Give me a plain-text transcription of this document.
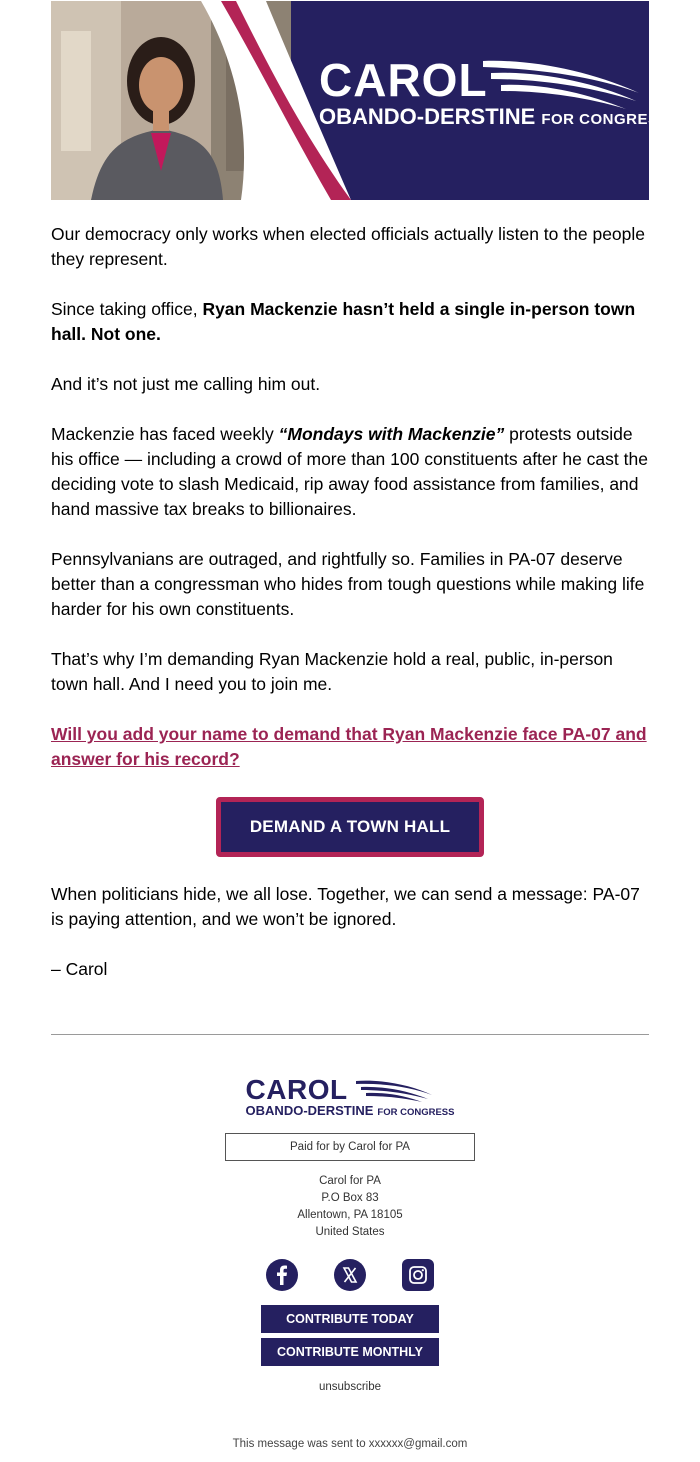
CAROL
OBANDO-DERSTINE FOR CONGRESS

Our democracy only works when elected officials actually listen to the people they represent.

Since taking office, Ryan Mackenzie hasn’t held a single in-person town hall. Not one.

And it’s not just me calling him out.

Mackenzie has faced weekly “Mondays with Mackenzie” protests outside his office — including a crowd of more than 100 constituents after he cast the deciding vote to slash Medicaid, rip away food assistance from families, and hand massive tax breaks to billionaires.

Pennsylvanians are outraged, and rightfully so. Families in PA-07 deserve better than a congressman who hides from tough questions while making life harder for his own constituents.

That’s why I’m demanding Ryan Mackenzie hold a real, public, in-person town hall. And I need you to join me.

Will you add your name to demand that Ryan Mackenzie face PA-07 and answer for his record?

DEMAND A TOWN HALL

When politicians hide, we all lose. Together, we can send a message: PA-07 is paying attention, and we won’t be ignored.

– Carol

CAROL
OBANDO-DERSTINE FOR CONGRESS
Paid for by Carol for PA
Carol for PA
P.O Box 83
Allentown, PA 18105
United States

CONTRIBUTE TODAY
CONTRIBUTE MONTHLY
unsubscribe
This message was sent to xxxxxx@gmail.com
